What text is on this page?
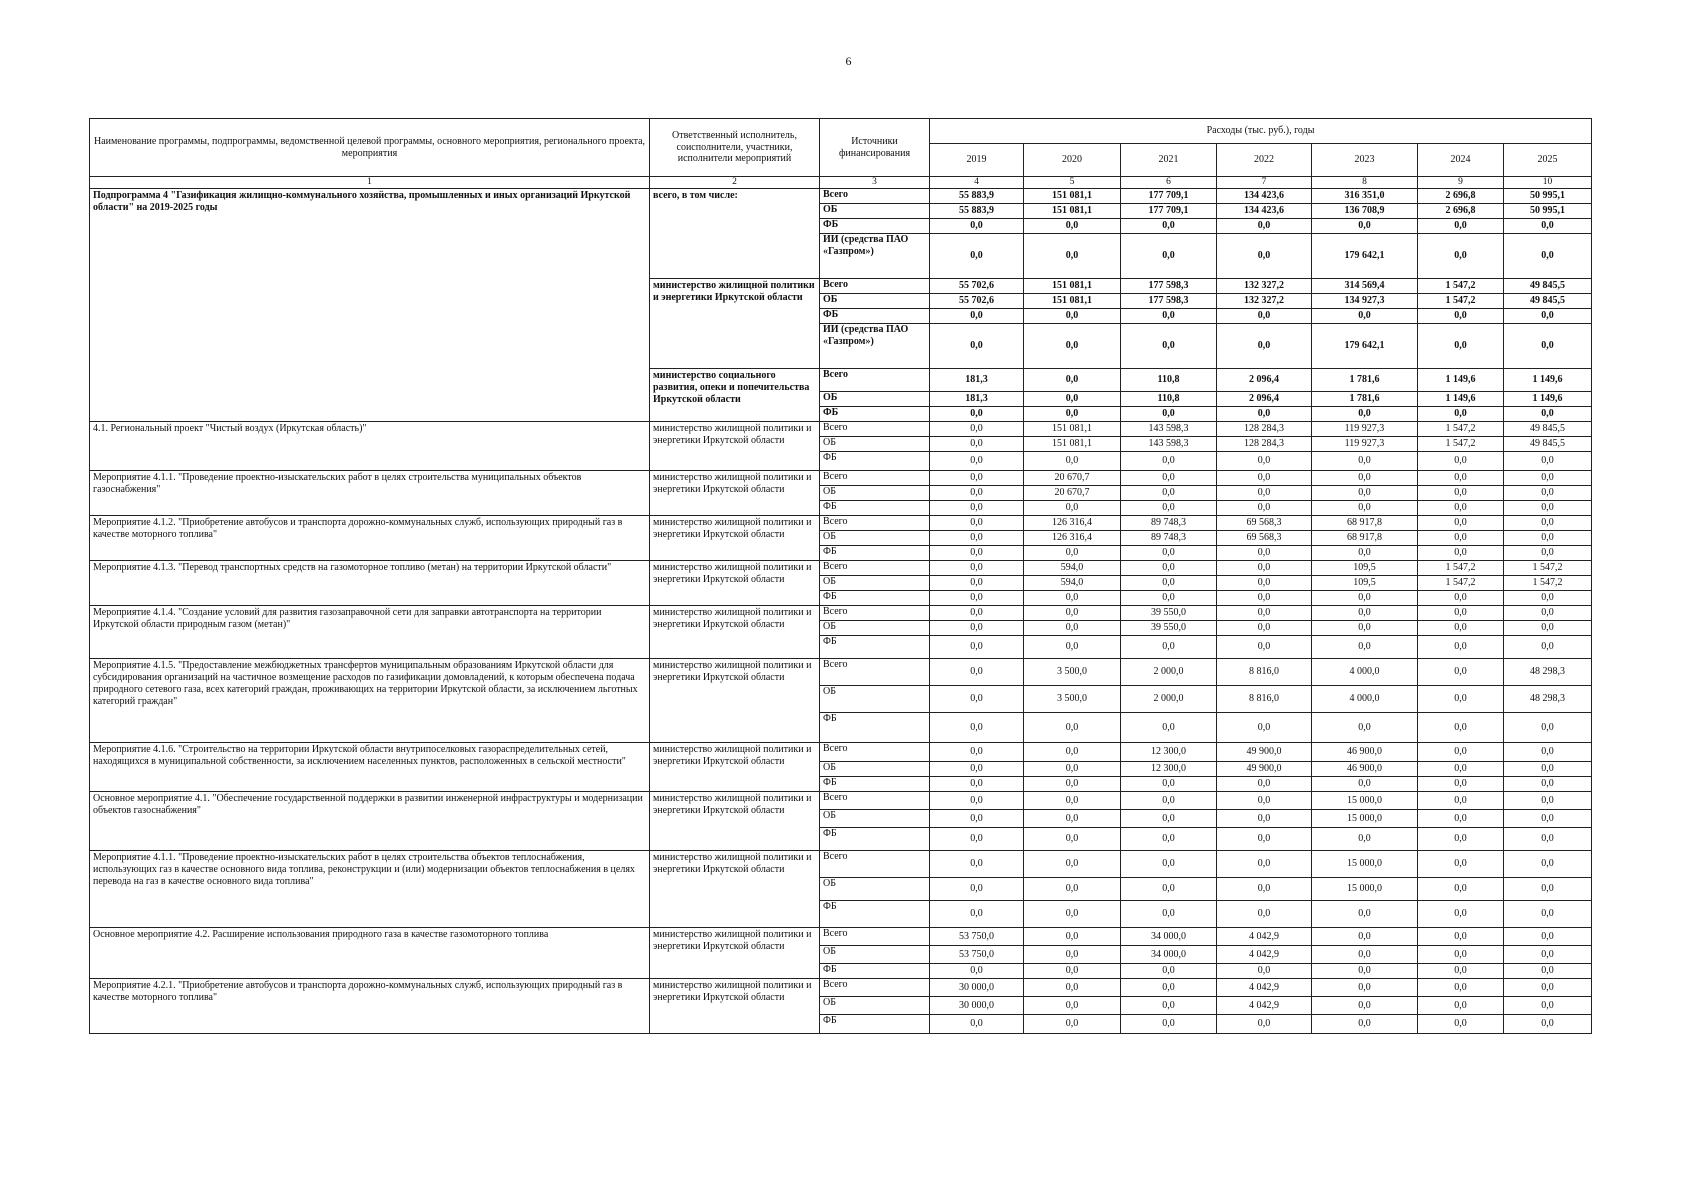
6
Наименование программы, подпрограммы, ведомственной целевой программы, основного мероприятия, регионального проекта, мероприятия	Ответственный исполнитель, соисполнители, участники, исполнители мероприятий	Источники финансирования	Расходы (тыс. руб.), годы						
			2019	2020	2021	2022	2023	2024	2025
1	2	3	4	5	6	7	8	9	10
Подпрограмма 4 "Газификация жилищно-коммунального хозяйства, промышленных и иных организаций Иркутской области" на 2019-2025 годы	всего, в том числе:	Всего	55 883,9	151 081,1	177 709,1	134 423,6	316 351,0	2 696,8	50 995,1
		ОБ	55 883,9	151 081,1	177 709,1	134 423,6	136 708,9	2 696,8	50 995,1
		ФБ	0,0	0,0	0,0	0,0	0,0	0,0	0,0
		ИИ (средства ПАО «Газпром»)	0,0	0,0	0,0	0,0	179 642,1	0,0	0,0
	министерство жилищной политики и энергетики Иркутской области	Всего	55 702,6	151 081,1	177 598,3	132 327,2	314 569,4	1 547,2	49 845,5
		ОБ	55 702,6	151 081,1	177 598,3	132 327,2	134 927,3	1 547,2	49 845,5
		ФБ	0,0	0,0	0,0	0,0	0,0	0,0	0,0
		ИИ (средства ПАО «Газпром»)	0,0	0,0	0,0	0,0	179 642,1	0,0	0,0
	министерство социального развития, опеки и попечительства Иркутской области	Всего	181,3	0,0	110,8	2 096,4	1 781,6	1 149,6	1 149,6
		ОБ	181,3	0,0	110,8	2 096,4	1 781,6	1 149,6	1 149,6
		ФБ	0,0	0,0	0,0	0,0	0,0	0,0	0,0
4.1. Региональный проект "Чистый воздух (Иркутская область)"	министерство жилищной политики и энергетики Иркутской области	Всего	0,0	151 081,1	143 598,3	128 284,3	119 927,3	1 547,2	49 845,5
		ОБ	0,0	151 081,1	143 598,3	128 284,3	119 927,3	1 547,2	49 845,5
		ФБ	0,0	0,0	0,0	0,0	0,0	0,0	0,0
Мероприятие 4.1.1. "Проведение проектно-изыскательских работ в целях строительства муниципальных объектов газоснабжения"	министерство жилищной политики и энергетики Иркутской области	Всего	0,0	20 670,7	0,0	0,0	0,0	0,0	0,0
		ОБ	0,0	20 670,7	0,0	0,0	0,0	0,0	0,0
		ФБ	0,0	0,0	0,0	0,0	0,0	0,0	0,0
Мероприятие 4.1.2. "Приобретение автобусов и транспорта дорожно-коммунальных служб, использующих природный газ в качестве моторного топлива"	министерство жилищной политики и энергетики Иркутской области	Всего	0,0	126 316,4	89 748,3	69 568,3	68 917,8	0,0	0,0
		ОБ	0,0	126 316,4	89 748,3	69 568,3	68 917,8	0,0	0,0
		ФБ	0,0	0,0	0,0	0,0	0,0	0,0	0,0
Мероприятие 4.1.3. "Перевод транспортных средств на газомоторное топливо (метан) на территории Иркутской области"	министерство жилищной политики и энергетики Иркутской области	Всего	0,0	594,0	0,0	0,0	109,5	1 547,2	1 547,2
		ОБ	0,0	594,0	0,0	0,0	109,5	1 547,2	1 547,2
		ФБ	0,0	0,0	0,0	0,0	0,0	0,0	0,0
Мероприятие 4.1.4. "Создание условий для развития газозаправочной сети для заправки автотранспорта на территории Иркутской области природным газом (метан)"	министерство жилищной политики и энергетики Иркутской области	Всего	0,0	0,0	39 550,0	0,0	0,0	0,0	0,0
		ОБ	0,0	0,0	39 550,0	0,0	0,0	0,0	0,0
		ФБ	0,0	0,0	0,0	0,0	0,0	0,0	0,0
Мероприятие 4.1.5. "Предоставление межбюджетных трансфертов муниципальным образованиям Иркутской области для субсидирования организаций на частичное возмещение расходов по газификации домовладений, к которым обеспечена подача природного сетевого газа, всех категорий граждан, проживающих на территории Иркутской области, за исключением льготных категорий граждан"	министерство жилищной политики и энергетики Иркутской области	Всего	0,0	3 500,0	2 000,0	8 816,0	4 000,0	0,0	48 298,3
		ОБ	0,0	3 500,0	2 000,0	8 816,0	4 000,0	0,0	48 298,3
		ФБ	0,0	0,0	0,0	0,0	0,0	0,0	0,0
Мероприятие 4.1.6. "Строительство на территории Иркутской области внутрипоселковых газораспределительных сетей, находящихся в муниципальной собственности, за исключением населенных пунктов, расположенных в сельской местности"	министерство жилищной политики и энергетики Иркутской области	Всего	0,0	0,0	12 300,0	49 900,0	46 900,0	0,0	0,0
		ОБ	0,0	0,0	12 300,0	49 900,0	46 900,0	0,0	0,0
		ФБ	0,0	0,0	0,0	0,0	0,0	0,0	0,0
Основное мероприятие 4.1. "Обеспечение государственной поддержки в развитии инженерной инфраструктуры и модернизации объектов газоснабжения"	министерство жилищной политики и энергетики Иркутской области	Всего	0,0	0,0	0,0	0,0	15 000,0	0,0	0,0
		ОБ	0,0	0,0	0,0	0,0	15 000,0	0,0	0,0
		ФБ	0,0	0,0	0,0	0,0	0,0	0,0	0,0
Мероприятие 4.1.1. "Проведение проектно-изыскательских работ в целях строительства объектов теплоснабжения, использующих газ в качестве основного вида топлива, реконструкции и (или) модернизации объектов теплоснабжения в целях перевода на газ в качестве основного вида топлива"	министерство жилищной политики и энергетики Иркутской области	Всего	0,0	0,0	0,0	0,0	15 000,0	0,0	0,0
		ОБ	0,0	0,0	0,0	0,0	15 000,0	0,0	0,0
		ФБ	0,0	0,0	0,0	0,0	0,0	0,0	0,0
Основное мероприятие 4.2. Расширение использования природного газа в качестве газомоторного топлива	министерство жилищной политики и энергетики Иркутской области	Всего	53 750,0	0,0	34 000,0	4 042,9	0,0	0,0	0,0
		ОБ	53 750,0	0,0	34 000,0	4 042,9	0,0	0,0	0,0
		ФБ	0,0	0,0	0,0	0,0	0,0	0,0	0,0
Мероприятие 4.2.1. "Приобретение автобусов и транспорта дорожно-коммунальных служб, использующих природный газ в качестве моторного топлива"	министерство жилищной политики и энергетики Иркутской области	Всего	30 000,0	0,0	0,0	4 042,9	0,0	0,0	0,0
		ОБ	30 000,0	0,0	0,0	4 042,9	0,0	0,0	0,0
		ФБ	0,0	0,0	0,0	0,0	0,0	0,0	0,0
